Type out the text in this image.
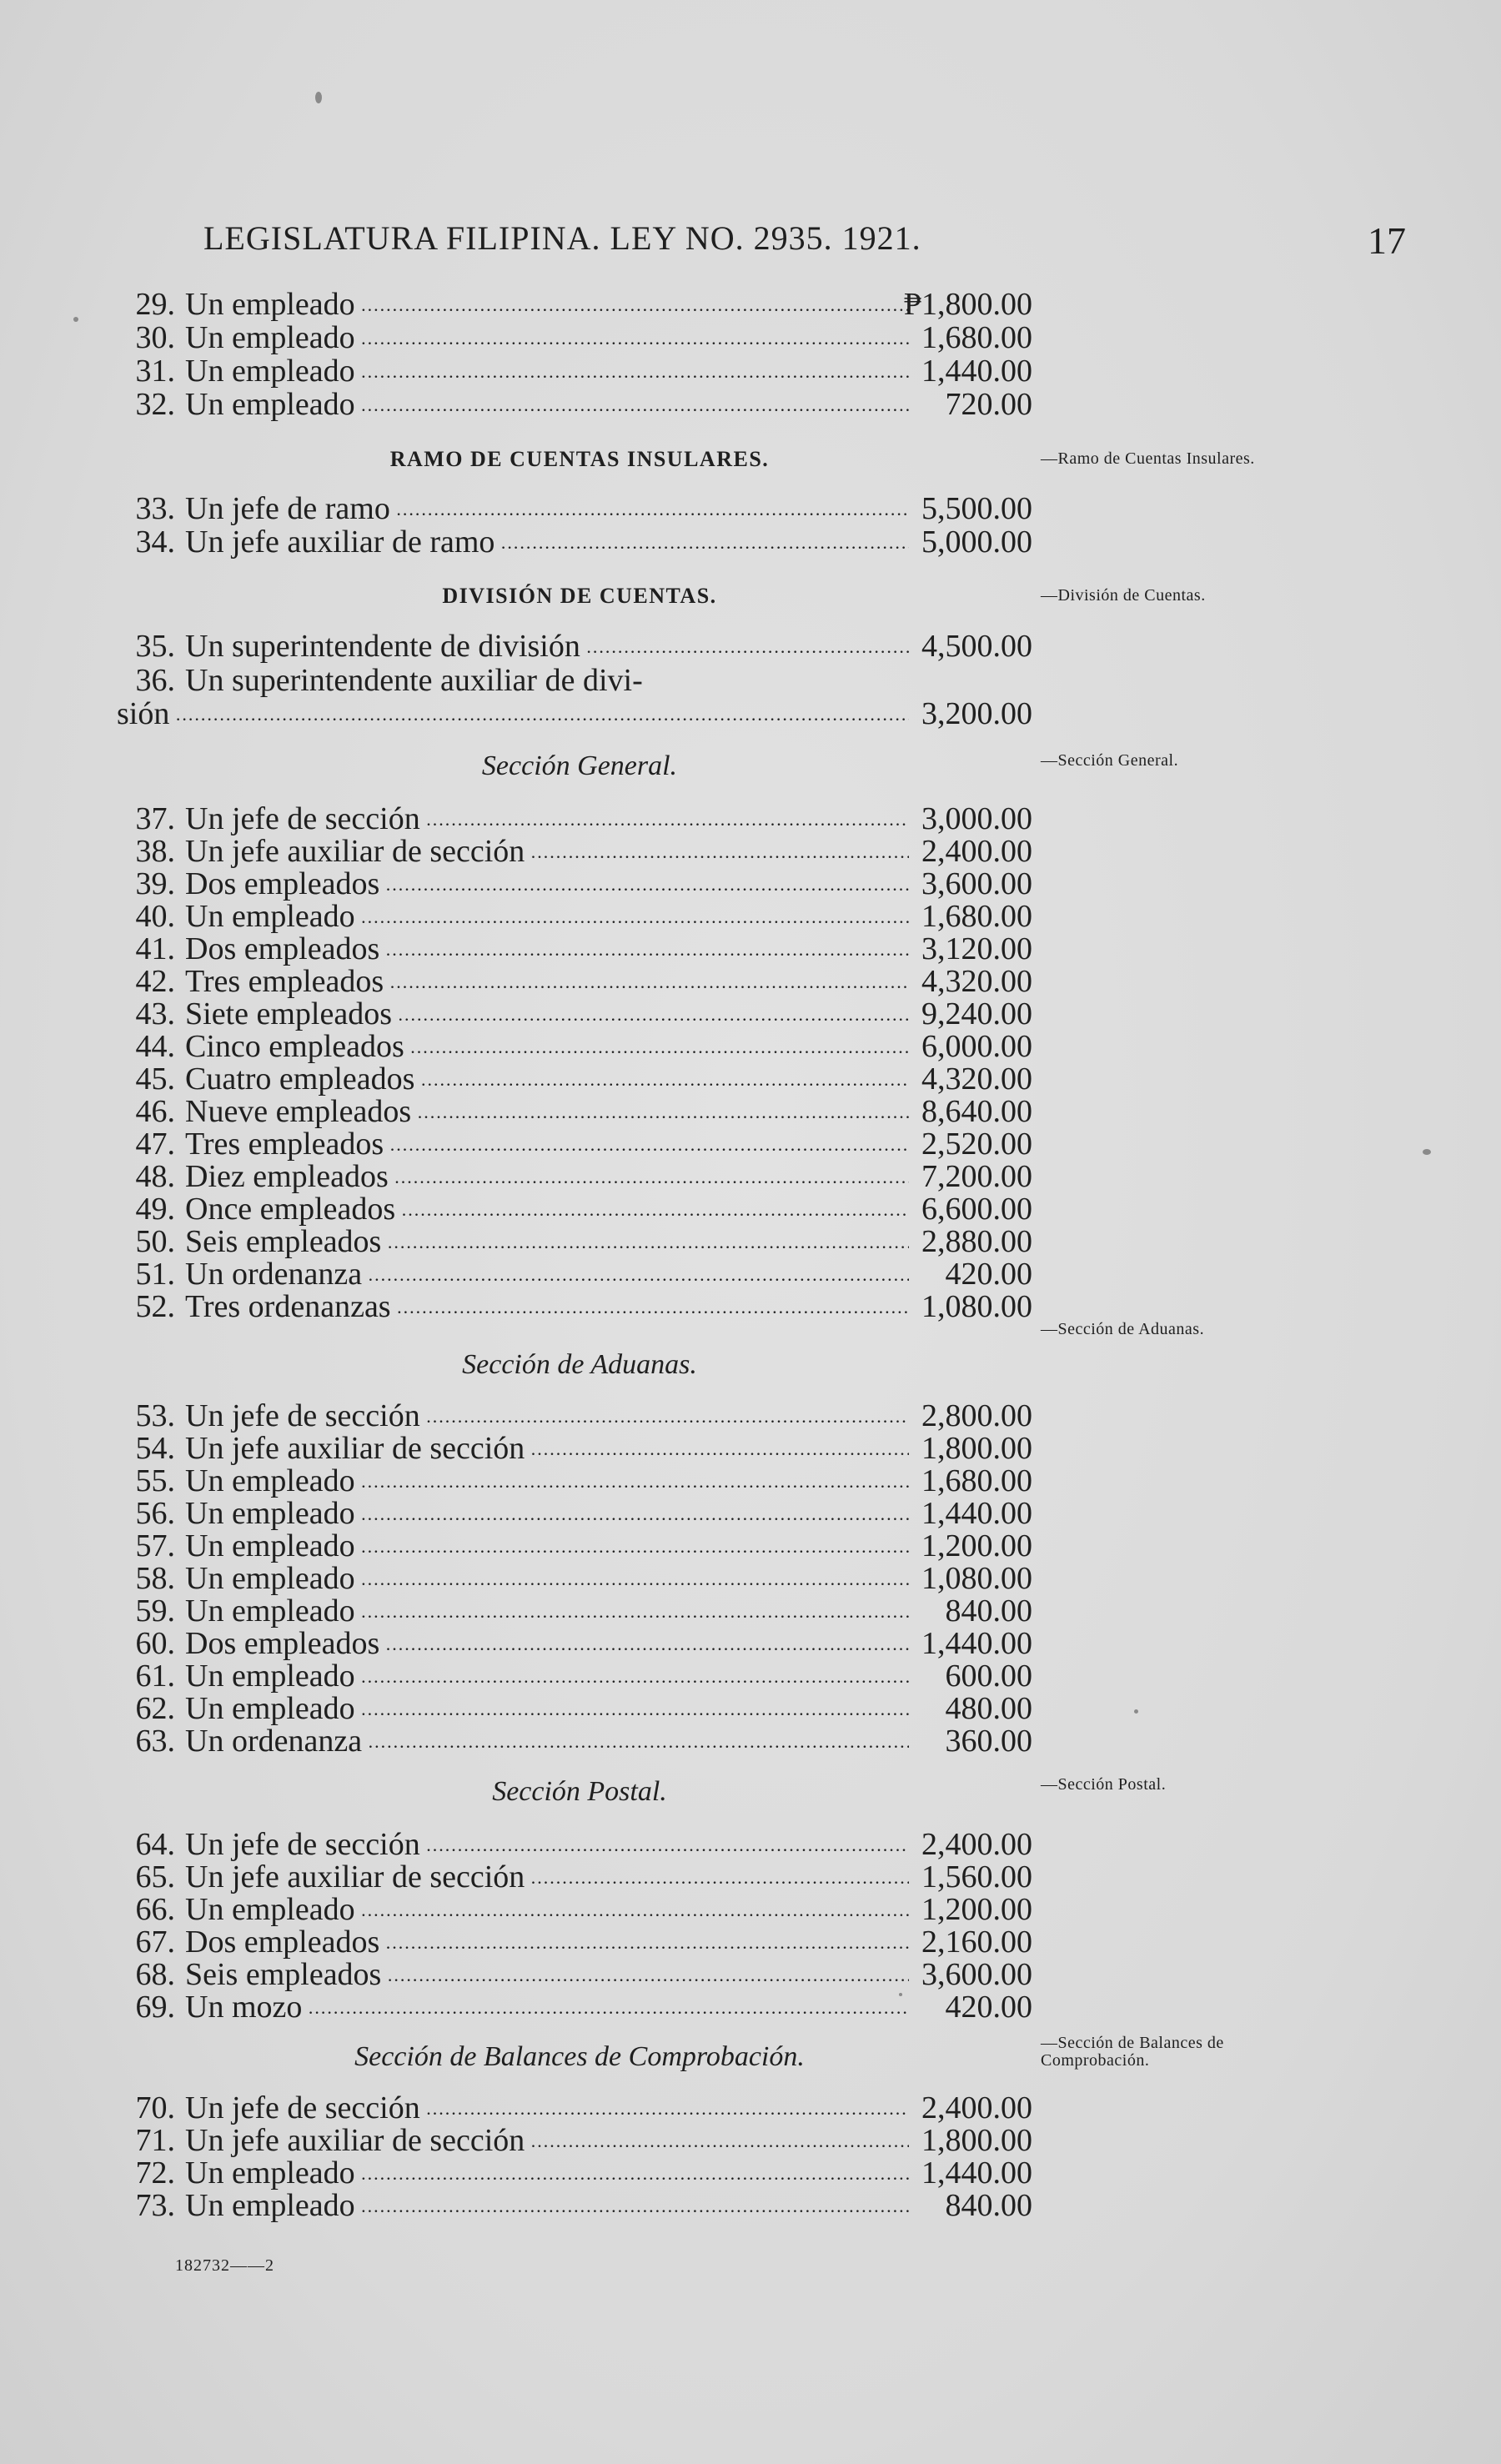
LEGISLATURA FILIPINA. LEY NO. 2935. 1921.	17
29. Un empleado .....	₱1,800.00
30. Un empleado .....	1,680.00
31. Un empleado .....	1,440.00
32. Un empleado .....	720.00
RAMO DE CUENTAS INSULARES.	—Ramo de Cuentas Insulares.
33. Un jefe de ramo .....	5,500.00
34. Un jefe auxiliar de ramo .....	5,000.00
DIVISIÓN DE CUENTAS.	—División de Cuentas.
35. Un superintendente de división .....	4,500.00
36. Un superintendente auxiliar de divi-
sión .....	3,200.00
Sección General.	—Sección General.
37. Un jefe de sección .....	3,000.00
38. Un jefe auxiliar de sección .....	2,400.00
39. Dos empleados .....	3,600.00
40. Un empleado .....	1,680.00
41. Dos empleados .....	3,120.00
42. Tres empleados .....	4,320.00
43. Siete empleados .....	9,240.00
44. Cinco empleados .....	6,000.00
45. Cuatro empleados .....	4,320.00
46. Nueve empleados .....	8,640.00
47. Tres empleados .....	2,520.00
48. Diez empleados .....	7,200.00
49. Once empleados .....	6,600.00
50. Seis empleados .....	2,880.00
51. Un ordenanza .....	420.00
52. Tres ordenanzas .....	1,080.00
—Sección de Aduanas.
Sección de Aduanas.
53. Un jefe de sección .....	2,800.00
54. Un jefe auxiliar de sección .....	1,800.00
55. Un empleado .....	1,680.00
56. Un empleado .....	1,440.00
57. Un empleado .....	1,200.00
58. Un empleado .....	1,080.00
59. Un empleado .....	840.00
60. Dos empleados .....	1,440.00
61. Un empleado .....	600.00
62. Un empleado .....	480.00
63. Un ordenanza .....	360.00
Sección Postal.	—Sección Postal.
64. Un jefe de sección .....	2,400.00
65. Un jefe auxiliar de sección .....	1,560.00
66. Un empleado .....	1,200.00
67. Dos empleados .....	2,160.00
68. Seis empleados .....	3,600.00
69. Un mozo .....	420.00
Sección de Balances de Comprobación.	—Sección de Balances de Comprobación.
70. Un jefe de sección .....	2,400.00
71. Un jefe auxiliar de sección .....	1,800.00
72. Un empleado .....	1,440.00
73. Un empleado .....	840.00
182732——2
